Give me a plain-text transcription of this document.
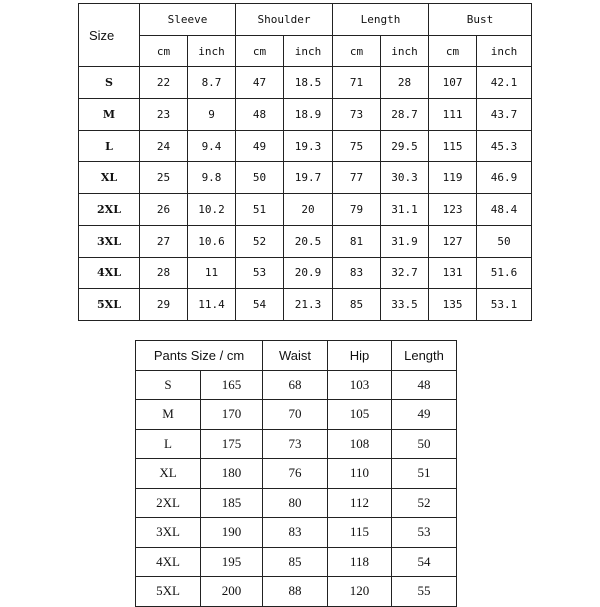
Size	Sleeve		Shoulder		Length		Bust	
	cm	inch	cm	inch	cm	inch	cm	inch
S	22	8.7	47	18.5	71	28	107	42.1
M	23	9	48	18.9	73	28.7	111	43.7
L	24	9.4	49	19.3	75	29.5	115	45.3
XL	25	9.8	50	19.7	77	30.3	119	46.9
2XL	26	10.2	51	20	79	31.1	123	48.4
3XL	27	10.6	52	20.5	81	31.9	127	50
4XL	28	11	53	20.9	83	32.7	131	51.6
5XL	29	11.4	54	21.3	85	33.5	135	53.1
Pants Size / cm		Waist	Hip	Length
S	165	68	103	48
M	170	70	105	49
L	175	73	108	50
XL	180	76	110	51
2XL	185	80	112	52
3XL	190	83	115	53
4XL	195	85	118	54
5XL	200	88	120	55
